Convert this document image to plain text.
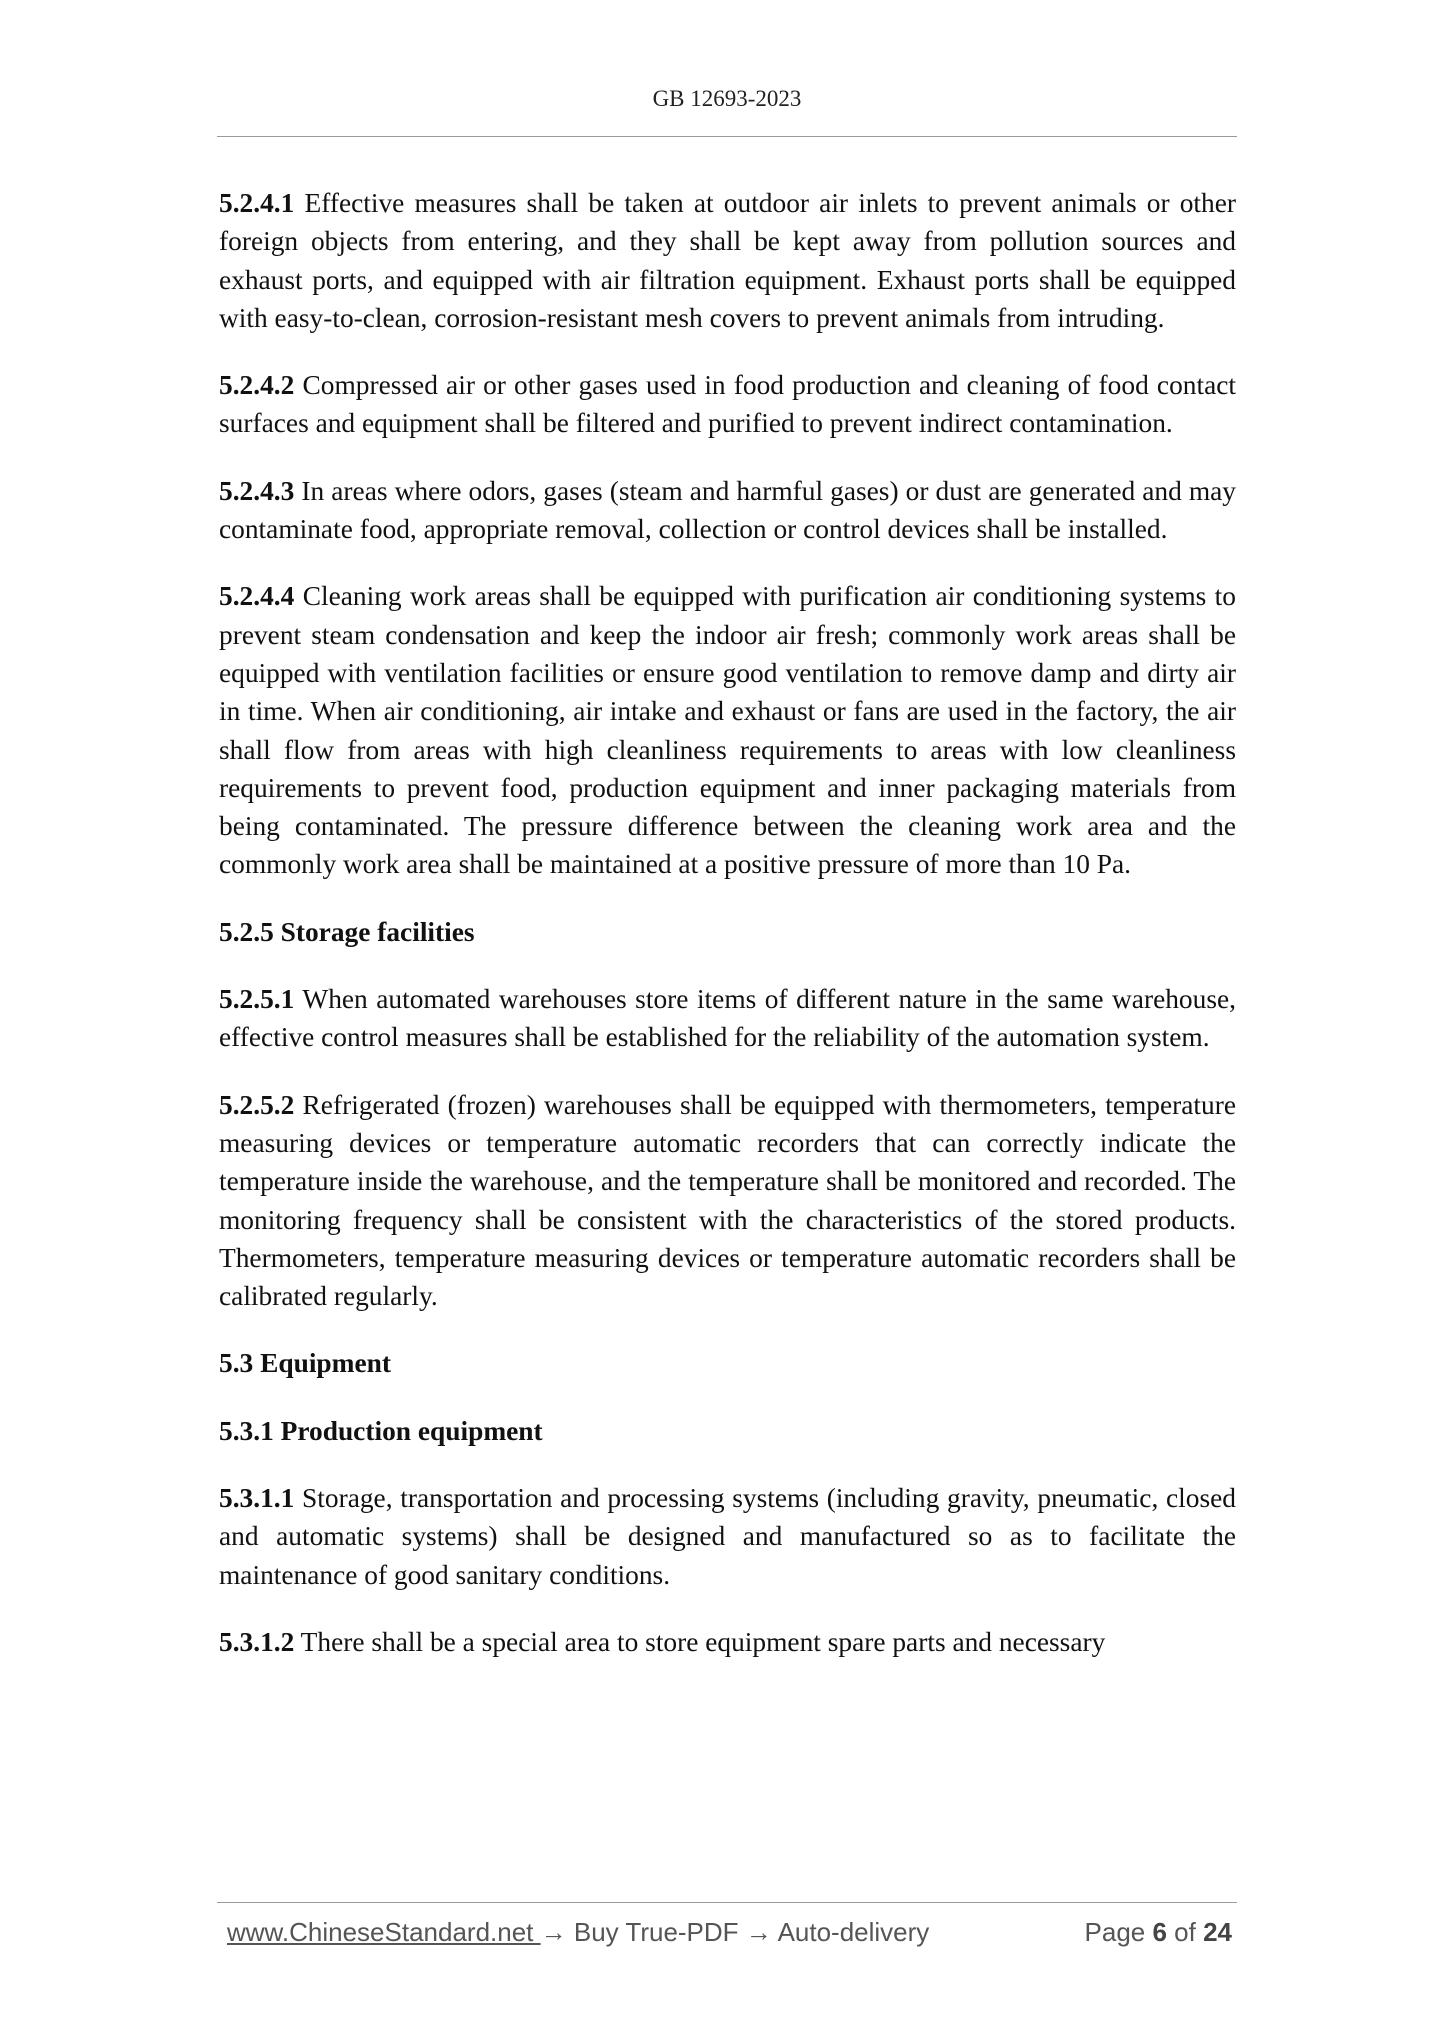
GB 12693-2023

5.2.4.1 Effective measures shall be taken at outdoor air inlets to prevent animals or other foreign objects from entering, and they shall be kept away from pollution sources and exhaust ports, and equipped with air filtration equipment. Exhaust ports shall be equipped with easy-to-clean, corrosion-resistant mesh covers to prevent animals from intruding.

5.2.4.2 Compressed air or other gases used in food production and cleaning of food contact surfaces and equipment shall be filtered and purified to prevent indirect contamination.

5.2.4.3 In areas where odors, gases (steam and harmful gases) or dust are generated and may contaminate food, appropriate removal, collection or control devices shall be installed.

5.2.4.4 Cleaning work areas shall be equipped with purification air conditioning systems to prevent steam condensation and keep the indoor air fresh; commonly work areas shall be equipped with ventilation facilities or ensure good ventilation to remove damp and dirty air in time. When air conditioning, air intake and exhaust or fans are used in the factory, the air shall flow from areas with high cleanliness requirements to areas with low cleanliness requirements to prevent food, production equipment and inner packaging materials from being contaminated. The pressure difference between the cleaning work area and the commonly work area shall be maintained at a positive pressure of more than 10 Pa.

5.2.5 Storage facilities

5.2.5.1 When automated warehouses store items of different nature in the same warehouse, effective control measures shall be established for the reliability of the automation system.

5.2.5.2 Refrigerated (frozen) warehouses shall be equipped with thermometers, temperature measuring devices or temperature automatic recorders that can correctly indicate the temperature inside the warehouse, and the temperature shall be monitored and recorded. The monitoring frequency shall be consistent with the characteristics of the stored products. Thermometers, temperature measuring devices or temperature automatic recorders shall be calibrated regularly.

5.3 Equipment

5.3.1 Production equipment

5.3.1.1 Storage, transportation and processing systems (including gravity, pneumatic, closed and automatic systems) shall be designed and manufactured so as to facilitate the maintenance of good sanitary conditions.

5.3.1.2 There shall be a special area to store equipment spare parts and necessary

www.ChineseStandard.net → Buy True-PDF → Auto-delivery	Page 6 of 24
